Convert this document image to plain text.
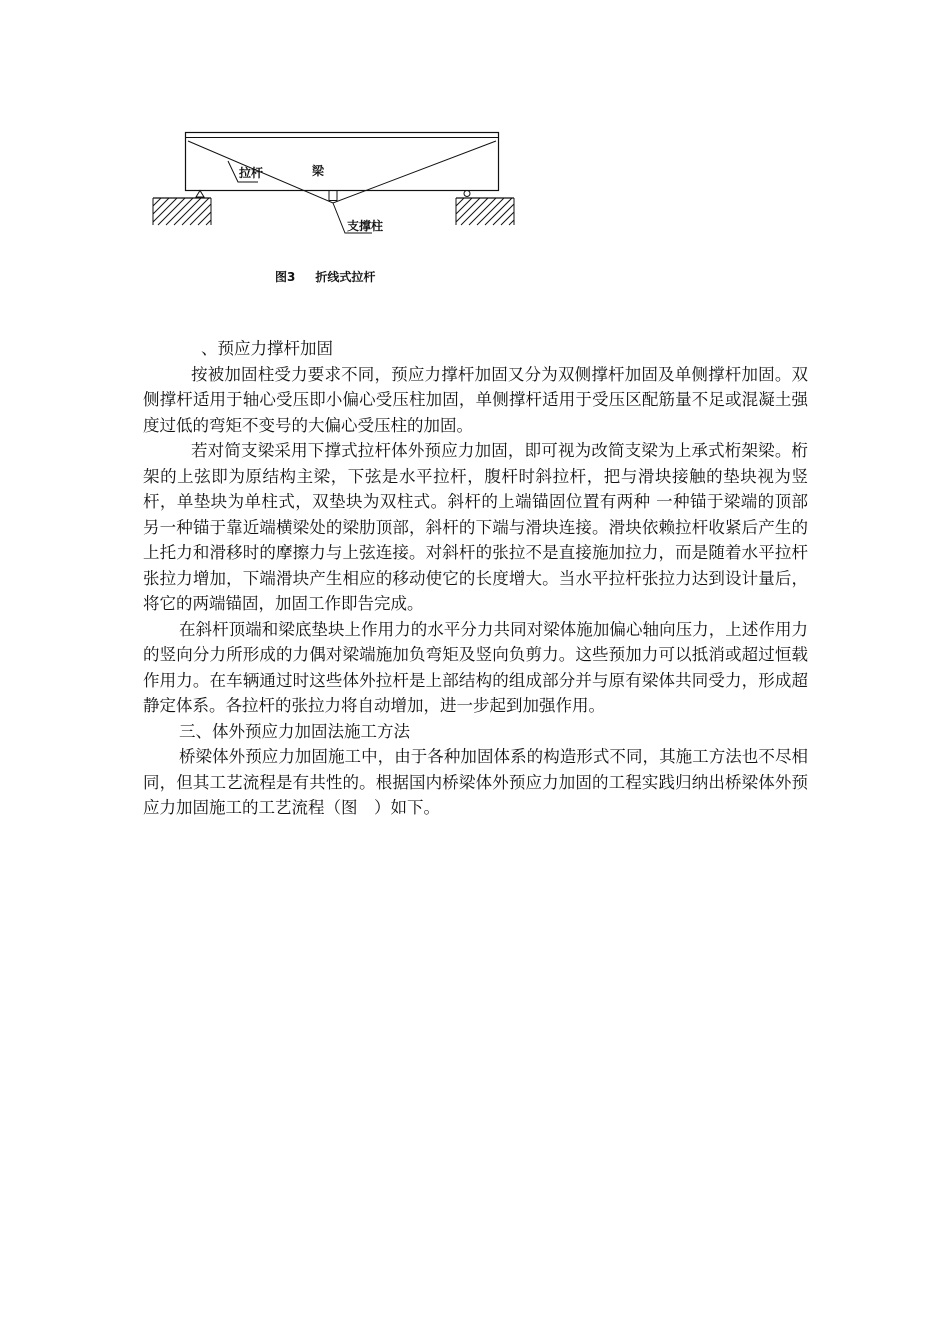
拉杆	梁
支撑柱
图3 折线式拉杆

、预应力撑杆加固

按被加固柱受力要求不同，预应力撑杆加固又分为双侧撑杆加固及单侧撑杆加固。双侧撑杆适用于轴心受压即小偏心受压柱加固，单侧撑杆适用于受压区配筋量不足或混凝土强度过低的弯矩不变号的大偏心受压柱的加固。

若对简支梁采用下撑式拉杆体外预应力加固，即可视为改简支梁为上承式桁架梁。桁架的上弦即为原结构主梁，下弦是水平拉杆，腹杆时斜拉杆，把与滑块接触的垫块视为竖杆，单垫块为单柱式，双垫块为双柱式。斜杆的上端锚固位置有两种 一种锚于梁端的顶部 另一种锚于靠近端横梁处的梁肋顶部，斜杆的下端与滑块连接。滑块依赖拉杆收紧后产生的上托力和滑移时的摩擦力与上弦连接。对斜杆的张拉不是直接施加拉力，而是随着水平拉杆张拉力增加，下端滑块产生相应的移动使它的长度增大。当水平拉杆张拉力达到设计量后，将它的两端锚固，加固工作即告完成。

在斜杆顶端和梁底垫块上作用力的水平分力共同对梁体施加偏心轴向压力，上述作用力的竖向分力所形成的力偶对梁端施加负弯矩及竖向负剪力。这些预加力可以抵消或超过恒载作用力。在车辆通过时这些体外拉杆是上部结构的组成部分并与原有梁体共同受力，形成超静定体系。各拉杆的张拉力将自动增加，进一步起到加强作用。

三、体外预应力加固法施工方法

桥梁体外预应力加固施工中，由于各种加固体系的构造形式不同，其施工方法也不尽相同，但其工艺流程是有共性的。根据国内桥梁体外预应力加固的工程实践归纳出桥梁体外预应力加固施工的工艺流程（图　）如下。
